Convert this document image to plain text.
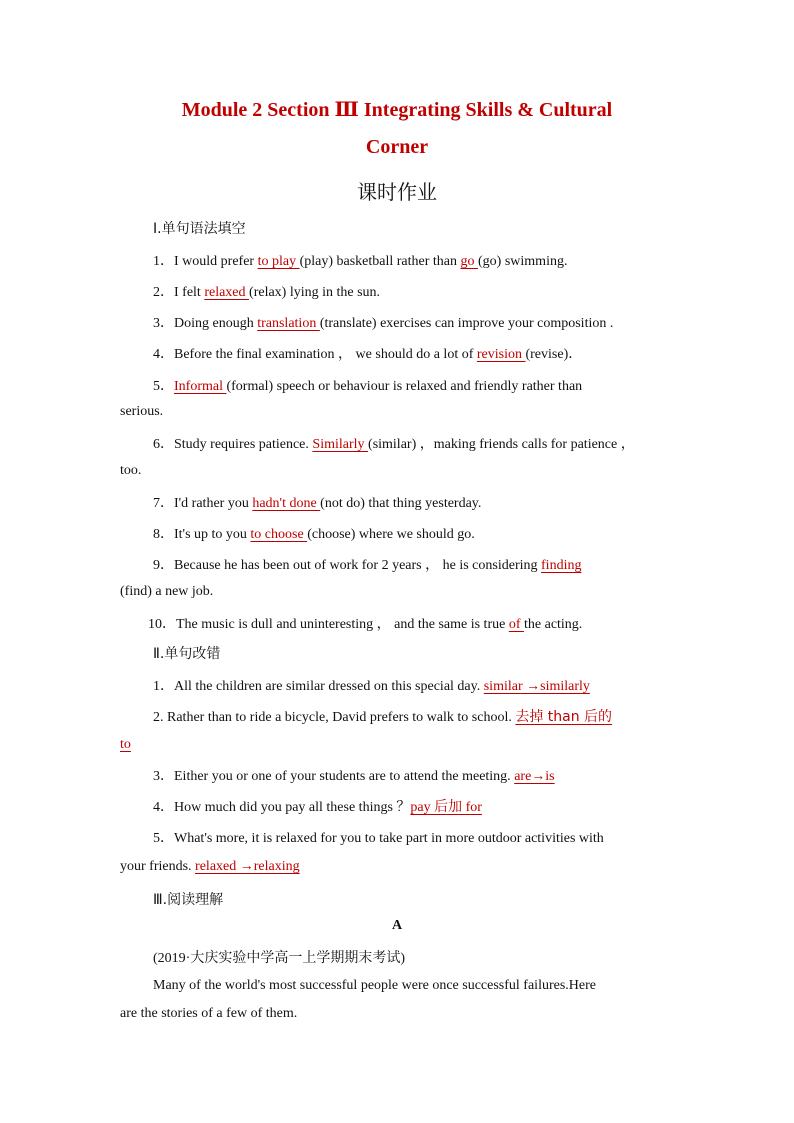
Module 2 Section Ⅲ Integrating Skills & Cultural
Corner
课时作业
Ⅰ.单句语法填空
1．I would prefer to play (play) basketball rather than go (go) swimming.
2．I felt relaxed (relax) lying in the sun.
3．Doing enough translation (translate) exercises can improve your composition .
4．Before the final examination ， we should do a lot of revision (revise)．
5．Informal (formal) speech or behaviour is relaxed and friendly rather than
serious.
6．Study requires patience. Similarly (similar) ，making friends calls for patience ，
too.
7．I'd rather you hadn't done (not do) that thing yesterday.
8．It's up to you to choose (choose) where we should go.
9．Because he has been out of work for 2 years ， he is considering finding
(find) a new job.
10．The music is dull and uninteresting ， and the same is true of the acting.
Ⅱ.单句改错
1．All the children are similar dressed on this special day. similar →similarly
2. Rather than to ride a bicycle, David prefers to walk to school. 去掉 than 后的
to
3．Either you or one of your students are to attend the meeting. are→is
4．How much did you pay all these things ？pay 后加 for
5．What's more, it is relaxed for you to take part in more outdoor activities with
your friends. relaxed →relaxing
Ⅲ.阅读理解
A
(2019·大庆实验中学高一上学期期末考试)
Many of the world's most successful people were once successful failures.Here
are the stories of a few of them.
